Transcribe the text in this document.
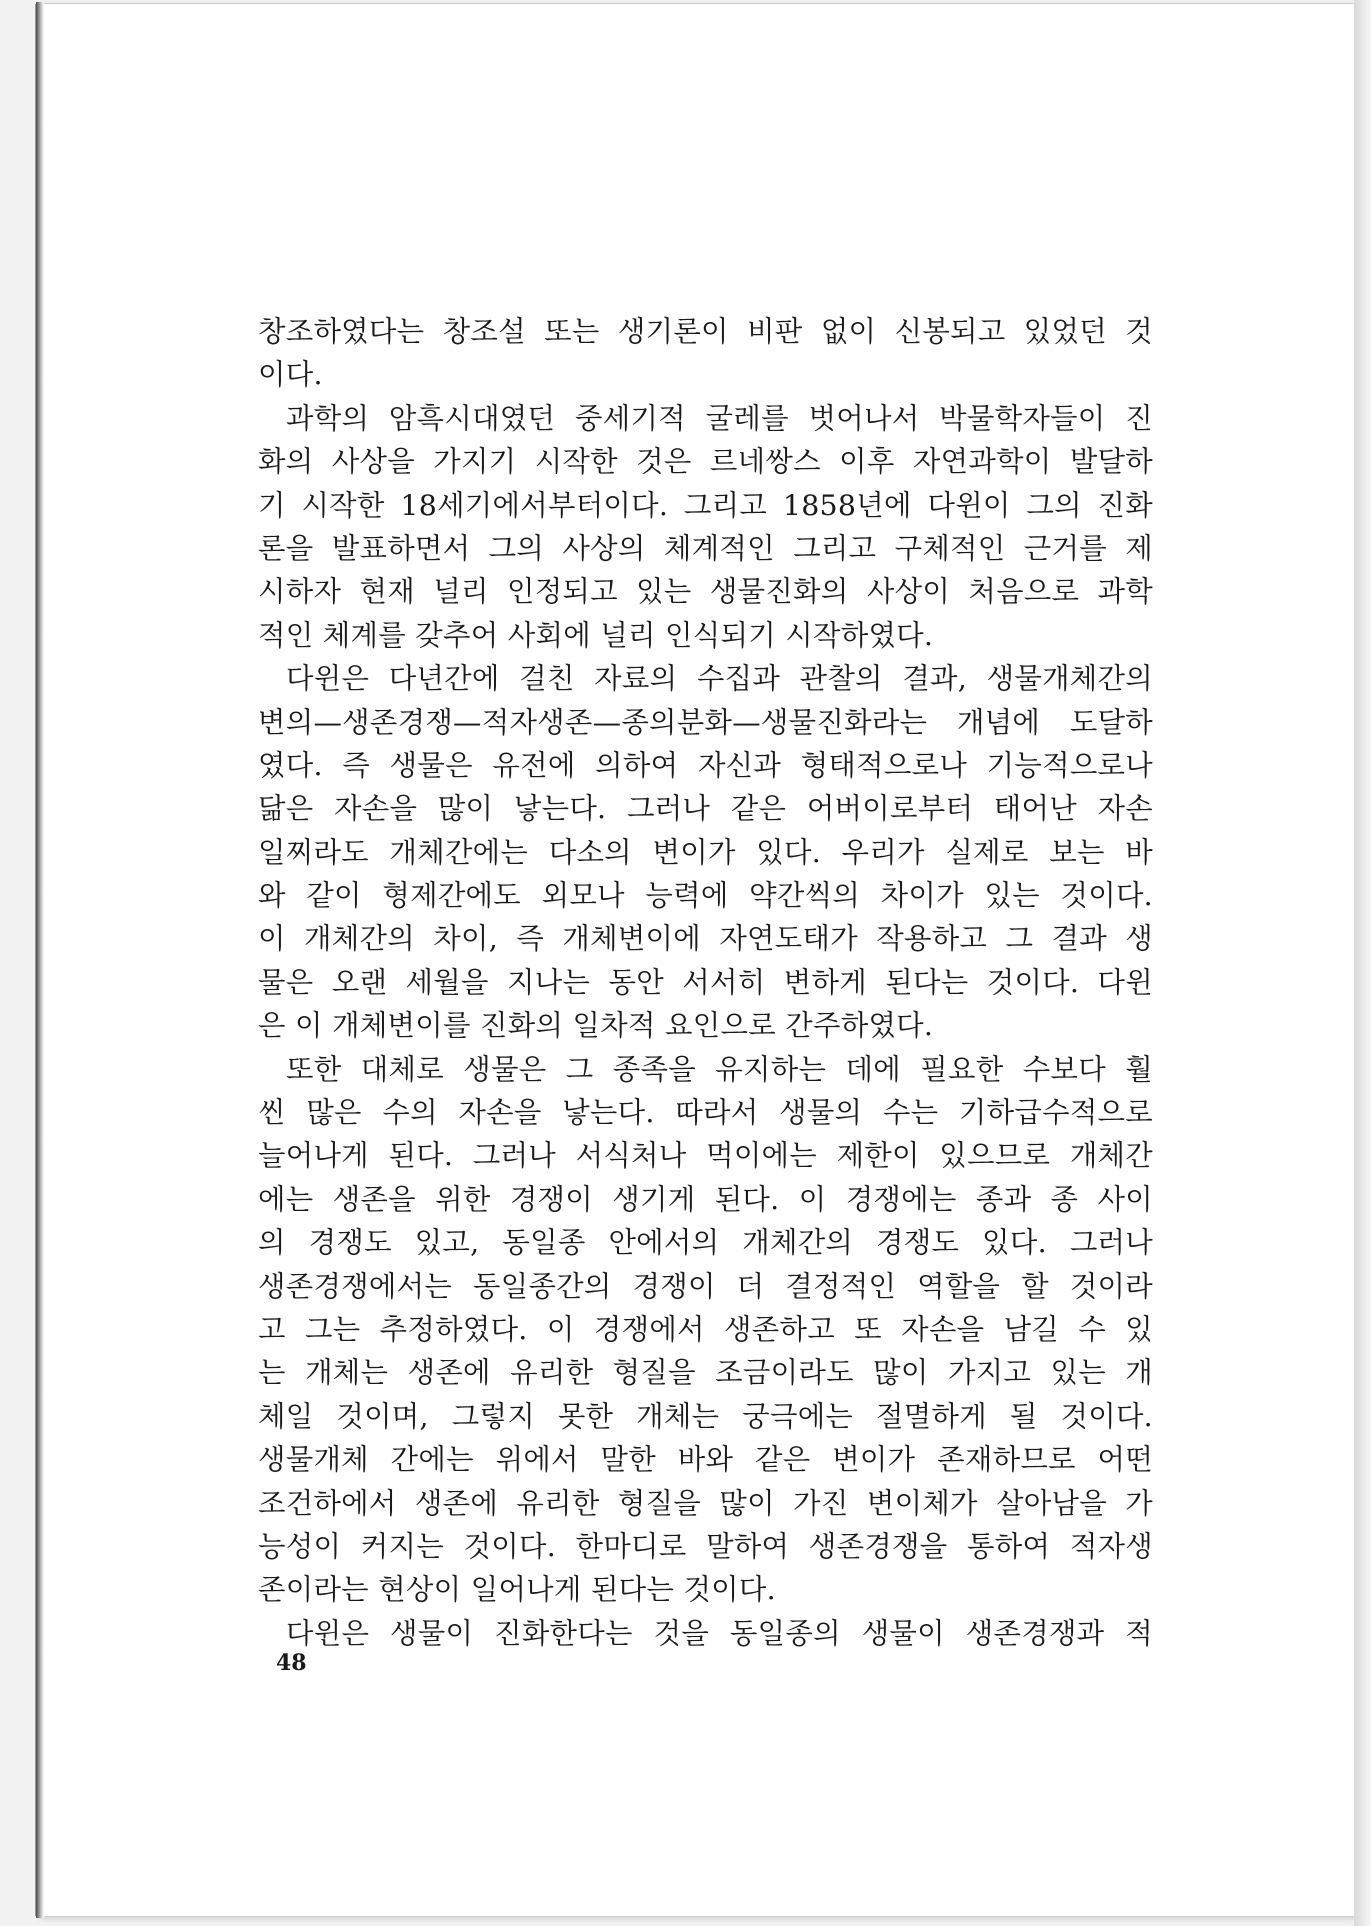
창조하였다는 창조설 또는 생기론이 비판 없이 신봉되고 있었던 것
이다.
과학의 암흑시대였던 중세기적 굴레를 벗어나서 박물학자들이 진
화의 사상을 가지기 시작한 것은 르네쌍스 이후 자연과학이 발달하
기 시작한 18세기에서부터이다. 그리고 1858년에 다윈이 그의 진화
론을 발표하면서 그의 사상의 체계적인 그리고 구체적인 근거를 제
시하자 현재 널리 인정되고 있는 생물진화의 사상이 처음으로 과학
적인 체계를 갖추어 사회에 널리 인식되기 시작하였다.
다윈은 다년간에 걸친 자료의 수집과 관찰의 결과, 생물개체간의
변의—생존경쟁—적자생존—종의분화—생물진화라는 개념에 도달하
였다. 즉 생물은 유전에 의하여 자신과 형태적으로나 기능적으로나
닮은 자손을 많이 낳는다. 그러나 같은 어버이로부터 태어난 자손
일찌라도 개체간에는 다소의 변이가 있다. 우리가 실제로 보는 바
와 같이 형제간에도 외모나 능력에 약간씩의 차이가 있는 것이다.
이 개체간의 차이, 즉 개체변이에 자연도태가 작용하고 그 결과 생
물은 오랜 세월을 지나는 동안 서서히 변하게 된다는 것이다. 다윈
은 이 개체변이를 진화의 일차적 요인으로 간주하였다.
또한 대체로 생물은 그 종족을 유지하는 데에 필요한 수보다 훨
씬 많은 수의 자손을 낳는다. 따라서 생물의 수는 기하급수적으로
늘어나게 된다. 그러나 서식처나 먹이에는 제한이 있으므로 개체간
에는 생존을 위한 경쟁이 생기게 된다. 이 경쟁에는 종과 종 사이
의 경쟁도 있고, 동일종 안에서의 개체간의 경쟁도 있다. 그러나
생존경쟁에서는 동일종간의 경쟁이 더 결정적인 역할을 할 것이라
고 그는 추정하였다. 이 경쟁에서 생존하고 또 자손을 남길 수 있
는 개체는 생존에 유리한 형질을 조금이라도 많이 가지고 있는 개
체일 것이며, 그렇지 못한 개체는 궁극에는 절멸하게 될 것이다.
생물개체 간에는 위에서 말한 바와 같은 변이가 존재하므로 어떤
조건하에서 생존에 유리한 형질을 많이 가진 변이체가 살아남을 가
능성이 커지는 것이다. 한마디로 말하여 생존경쟁을 통하여 적자생
존이라는 현상이 일어나게 된다는 것이다.
다윈은 생물이 진화한다는 것을 동일종의 생물이 생존경쟁과 적
48
